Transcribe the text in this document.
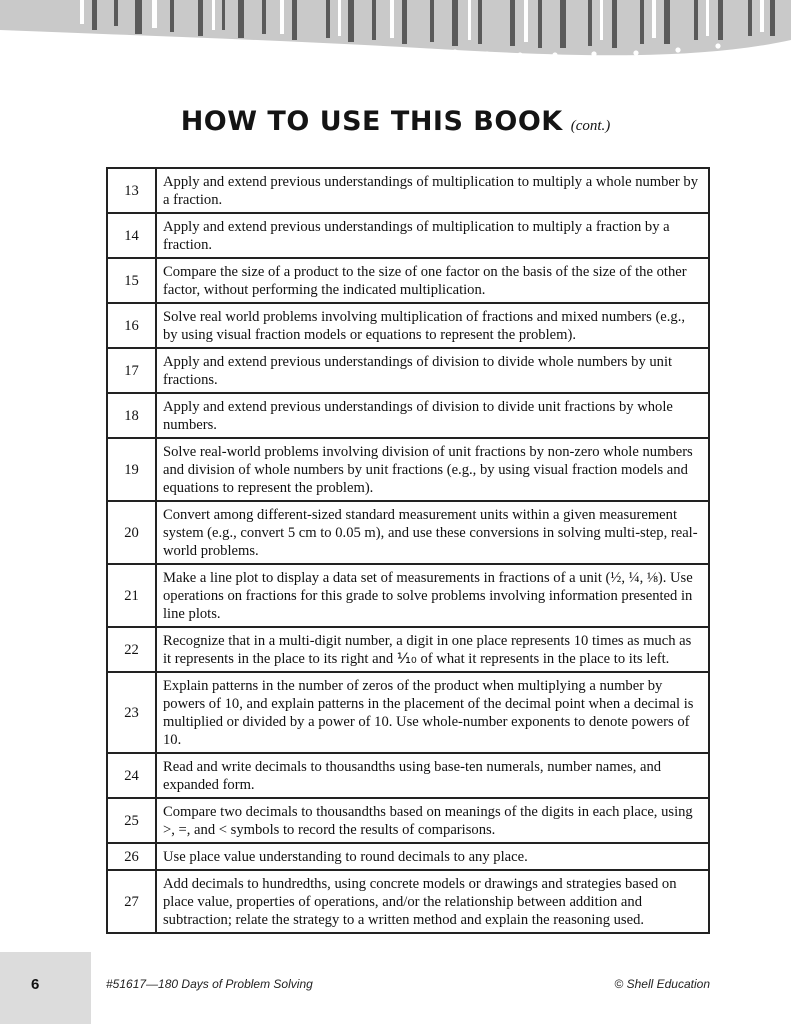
HOW TO USE THIS BOOK (cont.)
13	Apply and extend previous understandings of multiplication to multiply a whole number by a fraction.
14	Apply and extend previous understandings of multiplication to multiply a fraction by a fraction.
15	Compare the size of a product to the size of one factor on the basis of the size of the other factor, without performing the indicated multiplication.
16	Solve real world problems involving multiplication of fractions and mixed numbers (e.g., by using visual fraction models or equations to represent the problem).
17	Apply and extend previous understandings of division to divide whole numbers by unit fractions.
18	Apply and extend previous understandings of division to divide unit fractions by whole numbers.
19	Solve real-world problems involving division of unit fractions by non-zero whole numbers and division of whole numbers by unit fractions (e.g., by using visual fraction models and equations to represent the problem).
20	Convert among different-sized standard measurement units within a given measurement system (e.g., convert 5 cm to 0.05 m), and use these conversions in solving multi-step, real-world problems.
21	Make a line plot to display a data set of measurements in fractions of a unit (½, ¼, ⅛). Use operations on fractions for this grade to solve problems involving information presented in line plots.
22	Recognize that in a multi-digit number, a digit in one place represents 10 times as much as it represents in the place to its right and ⅒ of what it represents in the place to its left.
23	Explain patterns in the number of zeros of the product when multiplying a number by powers of 10, and explain patterns in the placement of the decimal point when a decimal is multiplied or divided by a power of 10. Use whole-number exponents to denote powers of 10.
24	Read and write decimals to thousandths using base-ten numerals, number names, and expanded form.
25	Compare two decimals to thousandths based on meanings of the digits in each place, using >, =, and < symbols to record the results of comparisons.
26	Use place value understanding to round decimals to any place.
27	Add decimals to hundredths, using concrete models or drawings and strategies based on place value, properties of operations, and/or the relationship between addition and subtraction; relate the strategy to a written method and explain the reasoning used.
6	#51617—180 Days of Problem Solving	© Shell Education
